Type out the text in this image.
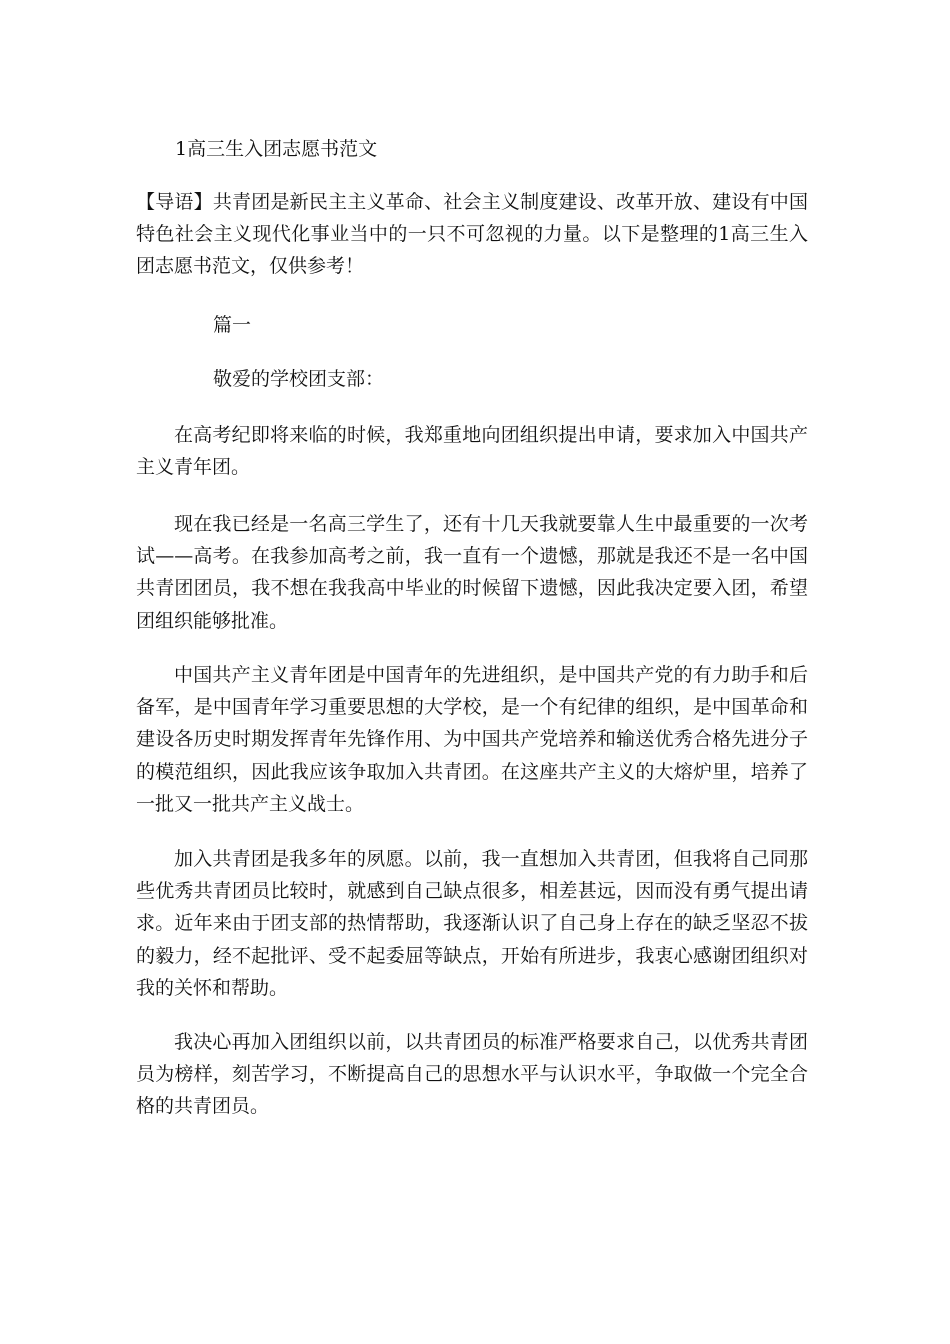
1高三生入团志愿书范文

【导语】共青团是新民主主义革命、社会主义制度建设、改革开放、建设有中国特色社会主义现代化事业当中的一只不可忽视的力量。以下是整理的1高三生入团志愿书范文，仅供参考！

篇一
敬爱的学校团支部：

在高考纪即将来临的时候，我郑重地向团组织提出申请，要求加入中国共产主义青年团。

现在我已经是一名高三学生了，还有十几天我就要靠人生中最重要的一次考试——高考。在我参加高考之前，我一直有一个遗憾，那就是我还不是一名中国共青团团员，我不想在我我高中毕业的时候留下遗憾，因此我决定要入团，希望团组织能够批准。

中国共产主义青年团是中国青年的先进组织，是中国共产党的有力助手和后备军，是中国青年学习重要思想的大学校，是一个有纪律的组织，是中国革命和建设各历史时期发挥青年先锋作用、为中国共产党培养和输送优秀合格先进分子的模范组织，因此我应该争取加入共青团。在这座共产主义的大熔炉里，培养了一批又一批共产主义战士。

加入共青团是我多年的夙愿。以前，我一直想加入共青团，但我将自己同那些优秀共青团员比较时，就感到自己缺点很多，相差甚远，因而没有勇气提出请求。近年来由于团支部的热情帮助，我逐渐认识了自己身上存在的缺乏坚忍不拔的毅力，经不起批评、受不起委屈等缺点，开始有所进步，我衷心感谢团组织对我的关怀和帮助。

我决心再加入团组织以前，以共青团员的标准严格要求自己，以优秀共青团员为榜样，刻苦学习，不断提高自己的思想水平与认识水平，争取做一个完全合格的共青团员。
